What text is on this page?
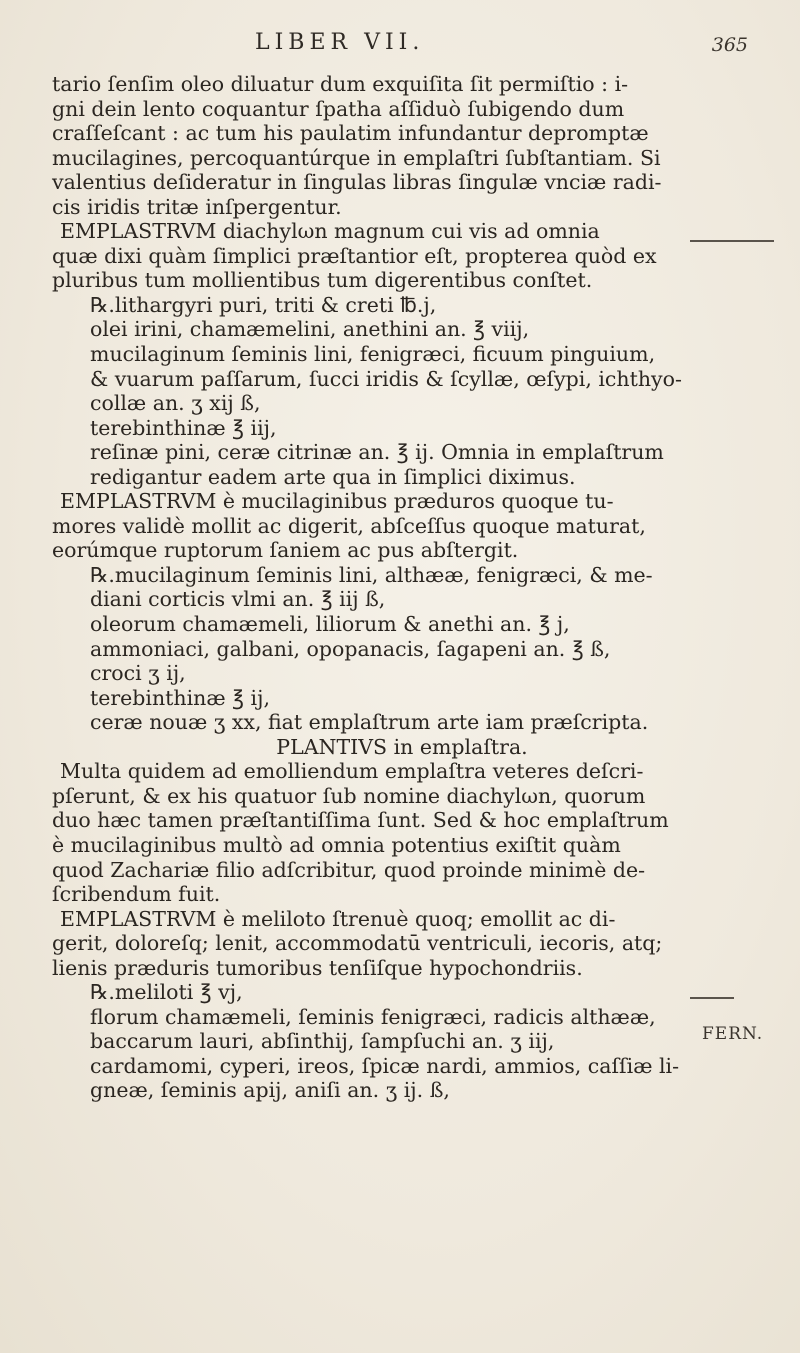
LIBER VII.	365
tario ſenſim oleo diluatur dum exquiſita ſit permiſtio : i-
gni dein lento coquantur ſpatha aſſiduò ſubigendo dum
craſſeſcant : ac tum his paulatim infundantur depromptæ
mucilagines, percoquantúrque in emplaſtri ſubſtantiam. Si
valentius deſideratur in ſingulas libras ſingulæ vnciæ radi-
cis iridis tritæ inſpergentur.
EMPLASTRVM diachylωn magnum cui vis ad omnia
quæ dixi quàm ſimplici præſtantior eſt, propterea quòd ex
pluribus tum mollientibus tum digerentibus conſtet.
℞.lithargyri puri, triti & creti ℔.j,
olei irini, chamæmelini, anethini an. ℥ viij,
mucilaginum ſeminis lini, fenigræci, ficuum pinguium,
& vuarum paſſarum, ſucci iridis & ſcyllæ, œſypi, ichthyo-
collæ an. ʒ xij ß,
terebinthinæ ℥ iij,
reſinæ pini, ceræ citrinæ an. ℥ ij. Omnia in emplaſtrum
redigantur eadem arte qua in ſimplici diximus.
EMPLASTRVM è mucilaginibus præduros quoque tu-
mores validè mollit ac digerit, abſceſſus quoque maturat,
eorúmque ruptorum ſaniem ac pus abſtergit.
℞.mucilaginum ſeminis lini, althææ, fenigræci, & me-
diani corticis vlmi an. ℥ iij ß,
oleorum chamæmeli, liliorum & anethi an. ℥ j,
ammoniaci, galbani, opopanacis, ſagapeni an. ℥ ß,
croci ʒ ij,
terebinthinæ ℥ ij,
ceræ nouæ ʒ xx, fiat emplaſtrum arte iam præſcripta.
PLANTIVS in emplaſtra.
Multa quidem ad emolliendum emplaſtra veteres deſcri-
pſerunt, & ex his quatuor ſub nomine diachylωn, quorum
duo hæc tamen præſtantiſſima ſunt. Sed & hoc emplaſtrum
è mucilaginibus multò ad omnia potentius exiſtit quàm
quod Zachariæ filio adſcribitur, quod proinde minimè de-
ſcribendum fuit.
EMPLASTRVM è meliloto ſtrenuè quoq; emollit ac di-
gerit, doloreſq; lenit, accommodatū ventriculi, iecoris, atq;
lienis præduris tumoribus tenſiſque hypochondriis.
℞.meliloti ℥ vj,
florum chamæmeli, ſeminis fenigræci, radicis althææ,
baccarum lauri, abſinthij, ſampſuchi an. ʒ iij,
cardamomi, cyperi, ireos, ſpicæ nardi, ammios, caſſiæ li-
gneæ, ſeminis apij, aniſi an. ʒ ij. ß,
FERN.
